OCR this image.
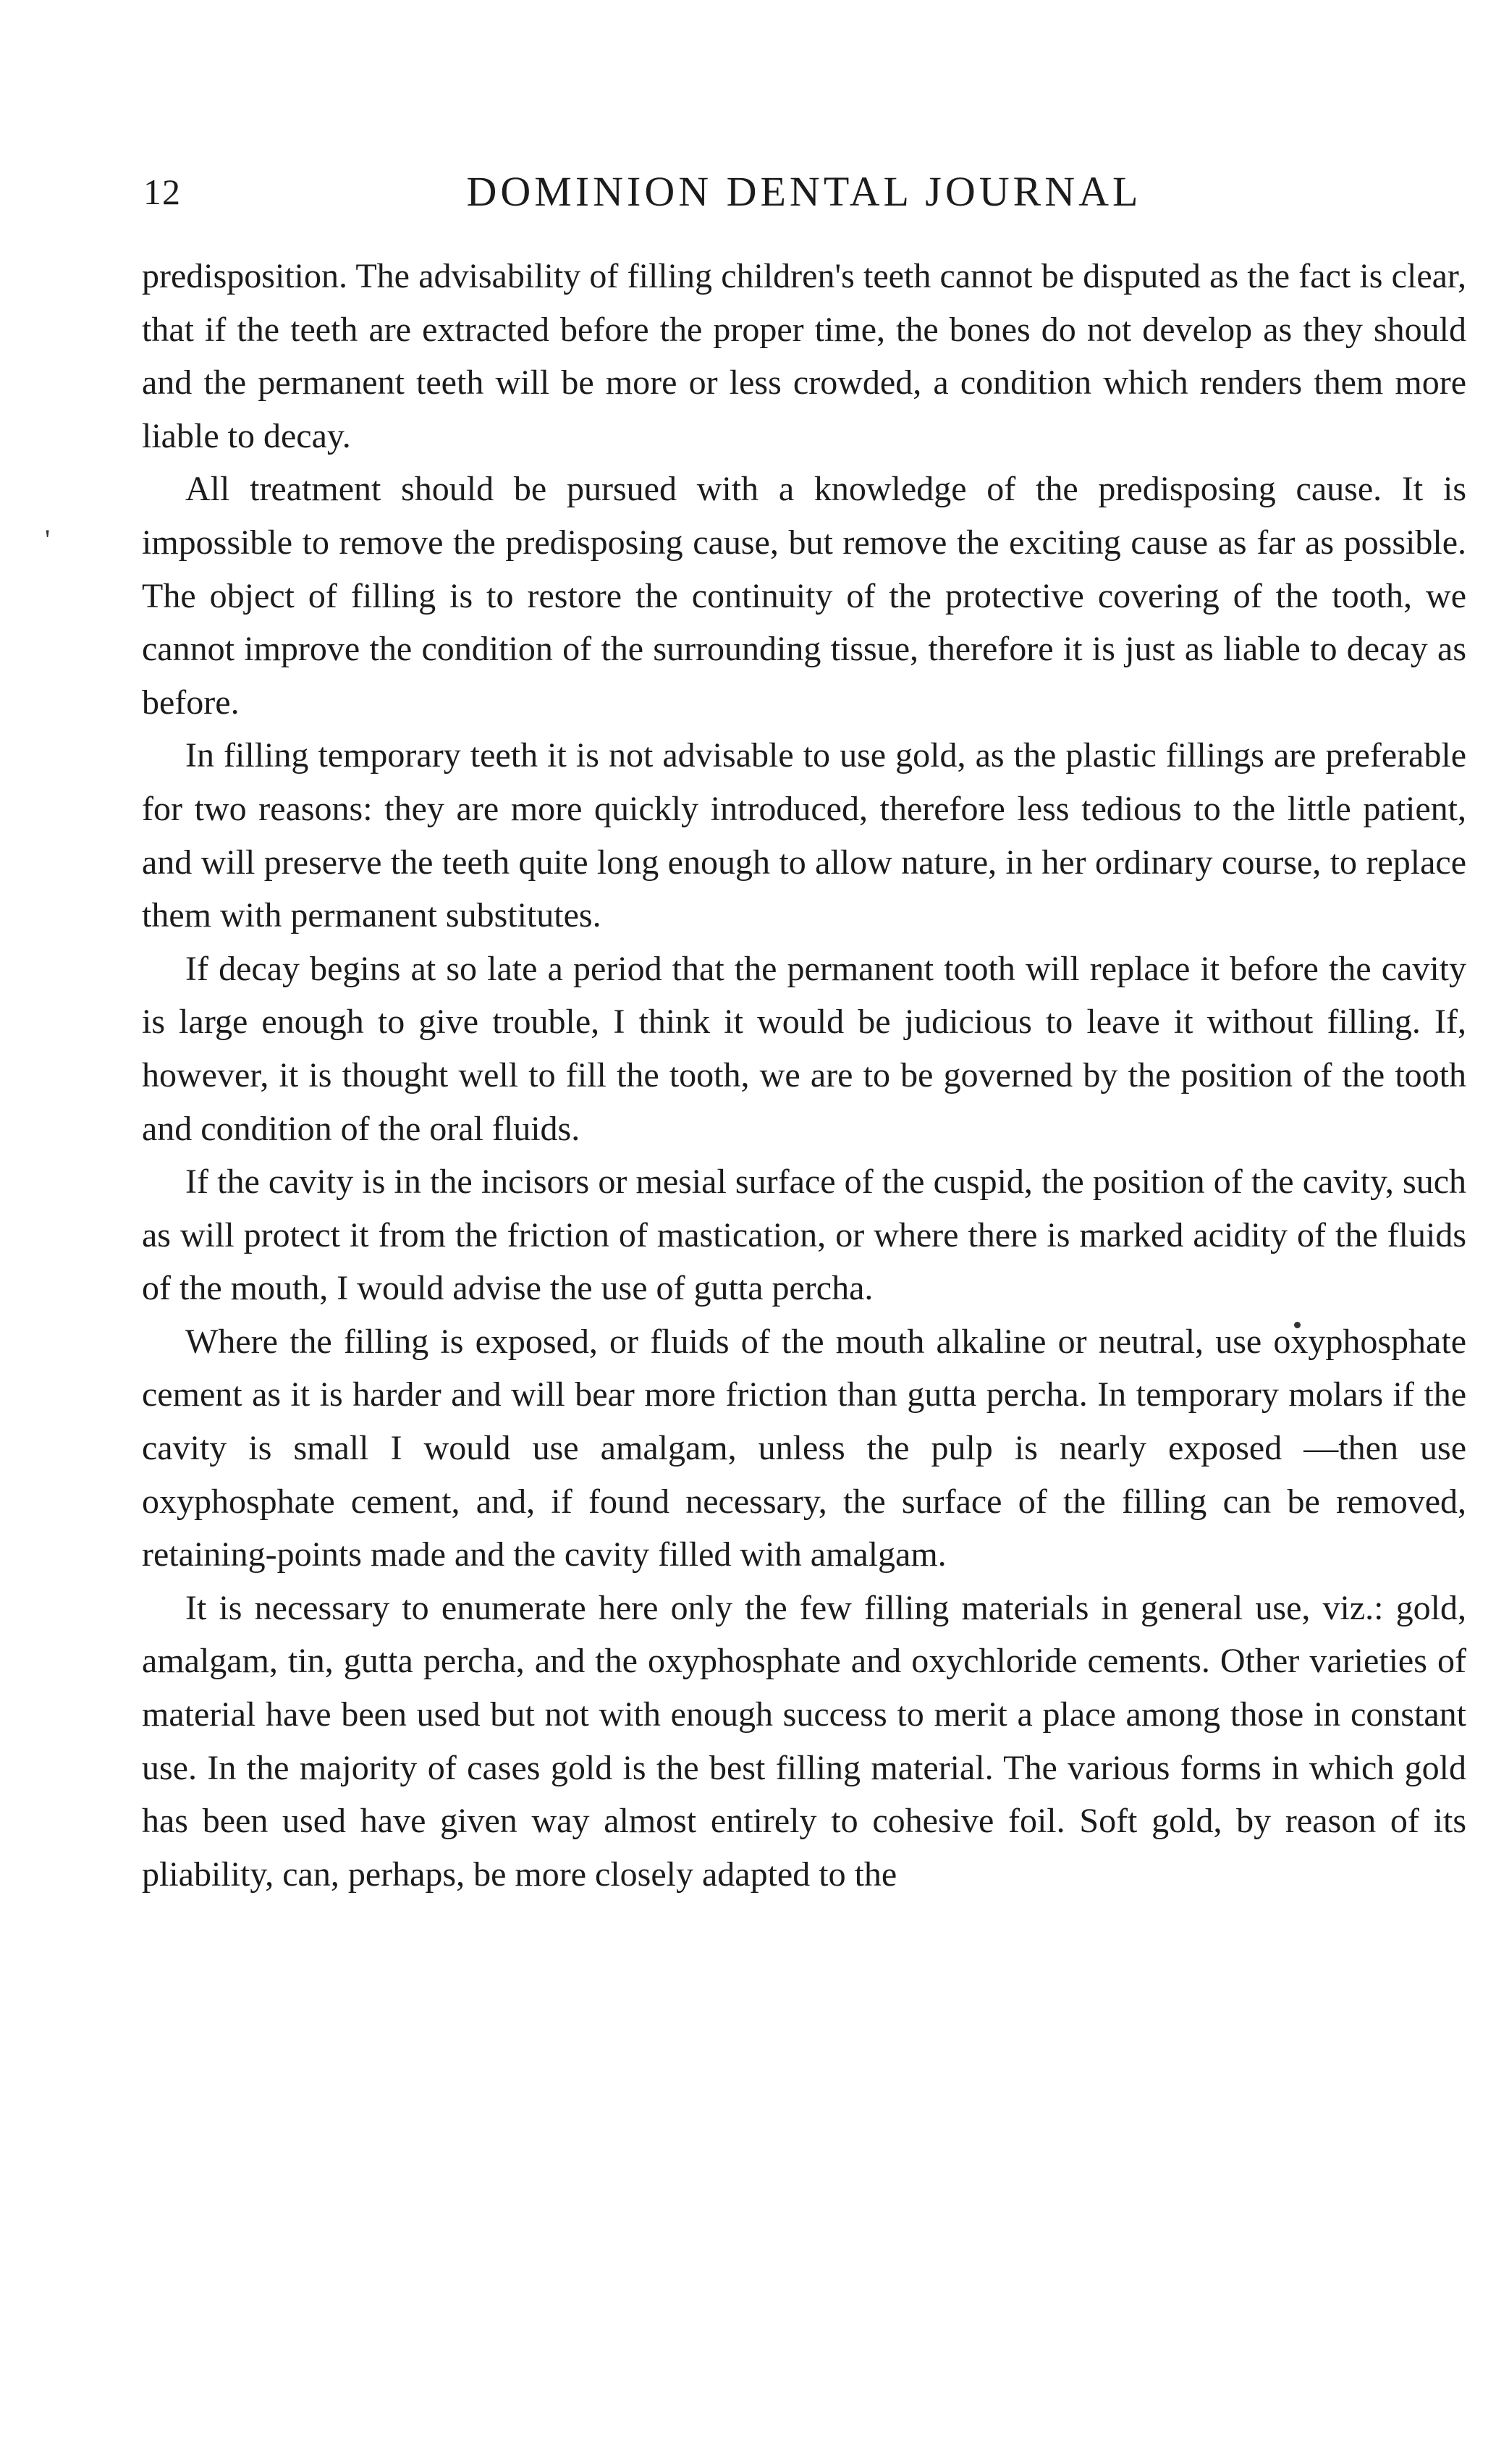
12	DOMINION DENTAL JOURNAL
'

predisposition. The advisability of filling children's teeth cannot be disputed as the fact is clear, that if the teeth are extracted before the proper time, the bones do not develop as they should and the permanent teeth will be more or less crowded, a condition which renders them more liable to decay.

All treatment should be pursued with a knowledge of the predisposing cause. It is impossible to remove the predisposing cause, but remove the exciting cause as far as possible. The object of filling is to restore the continuity of the protective covering of the tooth, we cannot improve the condition of the surrounding tissue, therefore it is just as liable to decay as before.

In filling temporary teeth it is not advisable to use gold, as the plastic fillings are preferable for two reasons: they are more quickly introduced, therefore less tedious to the little patient, and will preserve the teeth quite long enough to allow nature, in her ordinary course, to replace them with permanent substitutes.

If decay begins at so late a period that the permanent tooth will replace it before the cavity is large enough to give trouble, I think it would be judicious to leave it without filling. If, however, it is thought well to fill the tooth, we are to be governed by the position of the tooth and condition of the oral fluids.

If the cavity is in the incisors or mesial surface of the cuspid, the position of the cavity, such as will protect it from the friction of mastication, or where there is marked acidity of the fluids of the mouth, I would advise the use of gutta percha.

Where the filling is exposed, or fluids of the mouth alkaline or neutral, use oxyphosphate cement as it is harder and will bear more friction than gutta percha. In temporary molars if the cavity is small I would use amalgam, unless the pulp is nearly exposed —then use oxyphosphate cement, and, if found necessary, the surface of the filling can be removed, retaining-points made and the cavity filled with amalgam.

It is necessary to enumerate here only the few filling materials in general use, viz.: gold, amalgam, tin, gutta percha, and the oxyphosphate and oxychloride cements. Other varieties of material have been used but not with enough success to merit a place among those in constant use. In the majority of cases gold is the best filling material. The various forms in which gold has been used have given way almost entirely to cohesive foil. Soft gold, by reason of its pliability, can, perhaps, be more closely adapted to the
